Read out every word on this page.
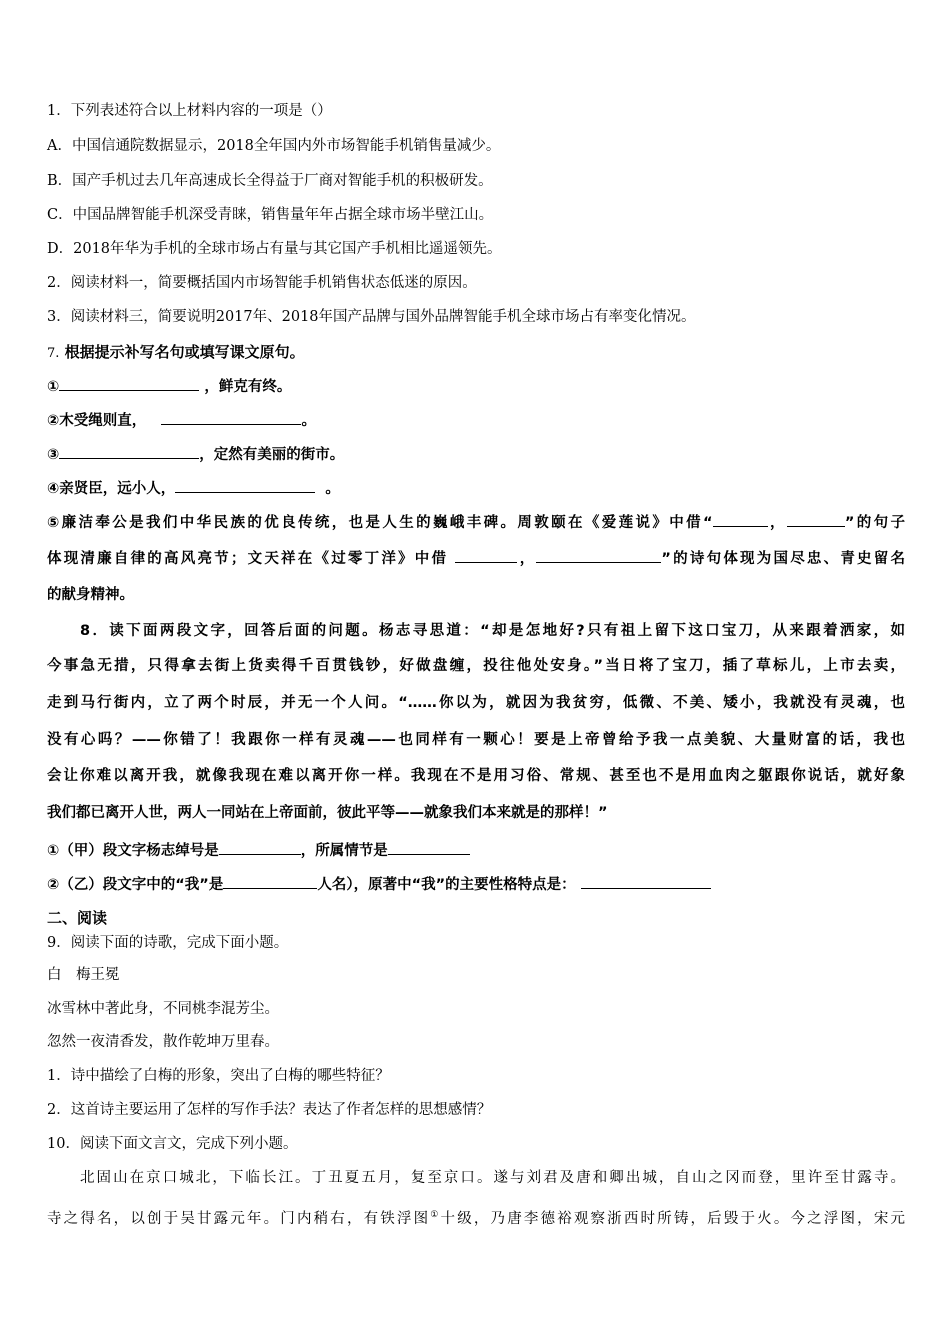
1．下列表述符合以上材料内容的一项是（）
A．中国信通院数据显示，2018全年国内外市场智能手机销售量减少。
B．国产手机过去几年高速成长全得益于厂商对智能手机的积极研发。
C．中国品牌智能手机深受青睐，销售量年年占据全球市场半壁江山。
D．2018年华为手机的全球市场占有量与其它国产手机相比遥遥领先。
2．阅读材料一，简要概括国内市场智能手机销售状态低迷的原因。
3．阅读材料三，简要说明2017年、2018年国产品牌与国外品牌智能手机全球市场占有率变化情况。
7. 根据提示补写名句或填写课文原句。
①	，鲜克有终。
②木受绳则直，	。
③	，定然有美丽的街市。
④亲贤臣，远小人，	。
⑤廉洁奉公是我们中华民族的优良传统，也是人生的巍峨丰碑。周敦颐在《爱莲说》中借“	，	”的句子
体现清廉自律的高风亮节；文天祥在《过零丁洋》中借	，	”的诗句体现为国尽忠、青史留名
的献身精神。
8．读下面两段文字，回答后面的问题。杨志寻思道：“却是怎地好?只有祖上留下这口宝刀，从来跟着洒家，如
今事急无措，只得拿去街上货卖得千百贯钱钞，好做盘缠，投往他处安身。”当日将了宝刀，插了草标儿，上市去卖，
走到马行街内，立了两个时辰，并无一个人问。“……你以为，就因为我贫穷，低微、不美、矮小，我就没有灵魂，也
没有心吗？——你错了！我跟你一样有灵魂——也同样有一颗心！要是上帝曾给予我一点美貌、大量财富的话，我也
会让你难以离开我，就像我现在难以离开你一样。我现在不是用习俗、常规、甚至也不是用血肉之躯跟你说话，就好象
我们都已离开人世，两人一同站在上帝面前，彼此平等——就象我们本来就是的那样！”
①（甲）段文字杨志绰号是	，所属情节是
②（乙）段文字中的“我”是	人名），原著中“我”的主要性格特点是：
二、阅读
9．阅读下面的诗歌，完成下面小题。
白　梅王冕
冰雪林中著此身，不同桃李混芳尘。
忽然一夜清香发，散作乾坤万里春。
1．诗中描绘了白梅的形象，突出了白梅的哪些特征？
2．这首诗主要运用了怎样的写作手法？表达了作者怎样的思想感情？
10．阅读下面文言文，完成下列小题。
北固山在京口城北，下临长江。丁丑夏五月，复至京口。遂与刘君及唐和卿出城，自山之冈而登，里许至甘露寺。
寺之得名，以创于吴甘露元年。门内稍右，有铁浮图①十级，乃唐李德裕观察浙西时所铸，后毁于火。今之浮图，宋元
